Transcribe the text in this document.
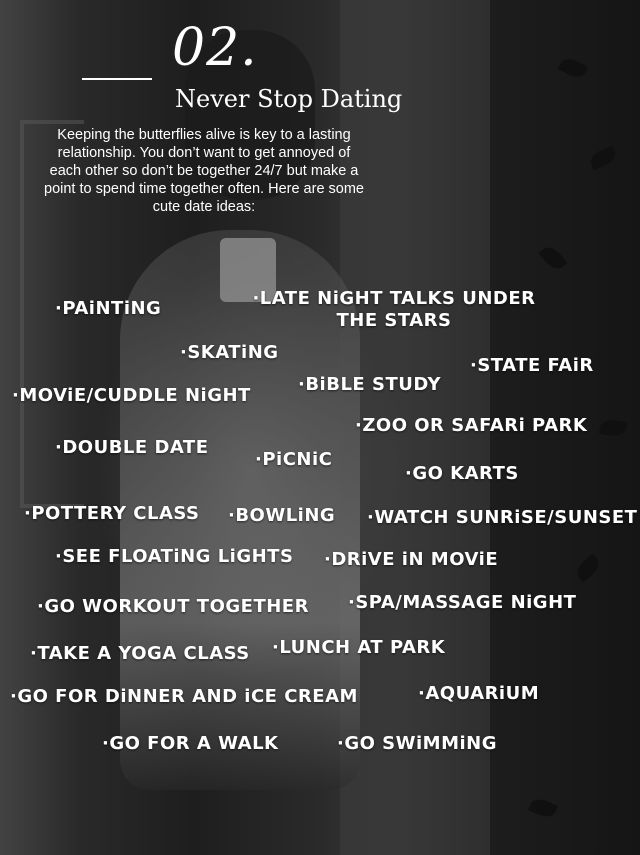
02.
Never Stop Dating
Keeping the butterflies alive is key to a lasting relationship. You don’t want to get annoyed of each other so don’t be together 24/7 but make a point to spend time together often. Here are some cute date ideas:
·PAiNTiNG	·LATE NiGHT TALKS UNDER THE STARS
·SKATiNG
·STATE FAiR
·MOViE/CUDDLE NiGHT
·BiBLE STUDY
·ZOO OR SAFARi PARK
·DOUBLE DATE
·PiCNiC
·GO KARTS
·POTTERY CLASS ·BOWLiNG ·WATCH SUNRiSE/SUNSET
·SEE FLOATiNG LiGHTS ·DRiVE iN MOViE
·GO WORKOUT TOGETHER ·SPA/MASSAGE NiGHT
·TAKE A YOGA CLASS ·LUNCH AT PARK
·GO FOR DiNNER AND iCE CREAM	·AQUARiUM
·GO FOR A WALK	·GO SWiMMiNG
